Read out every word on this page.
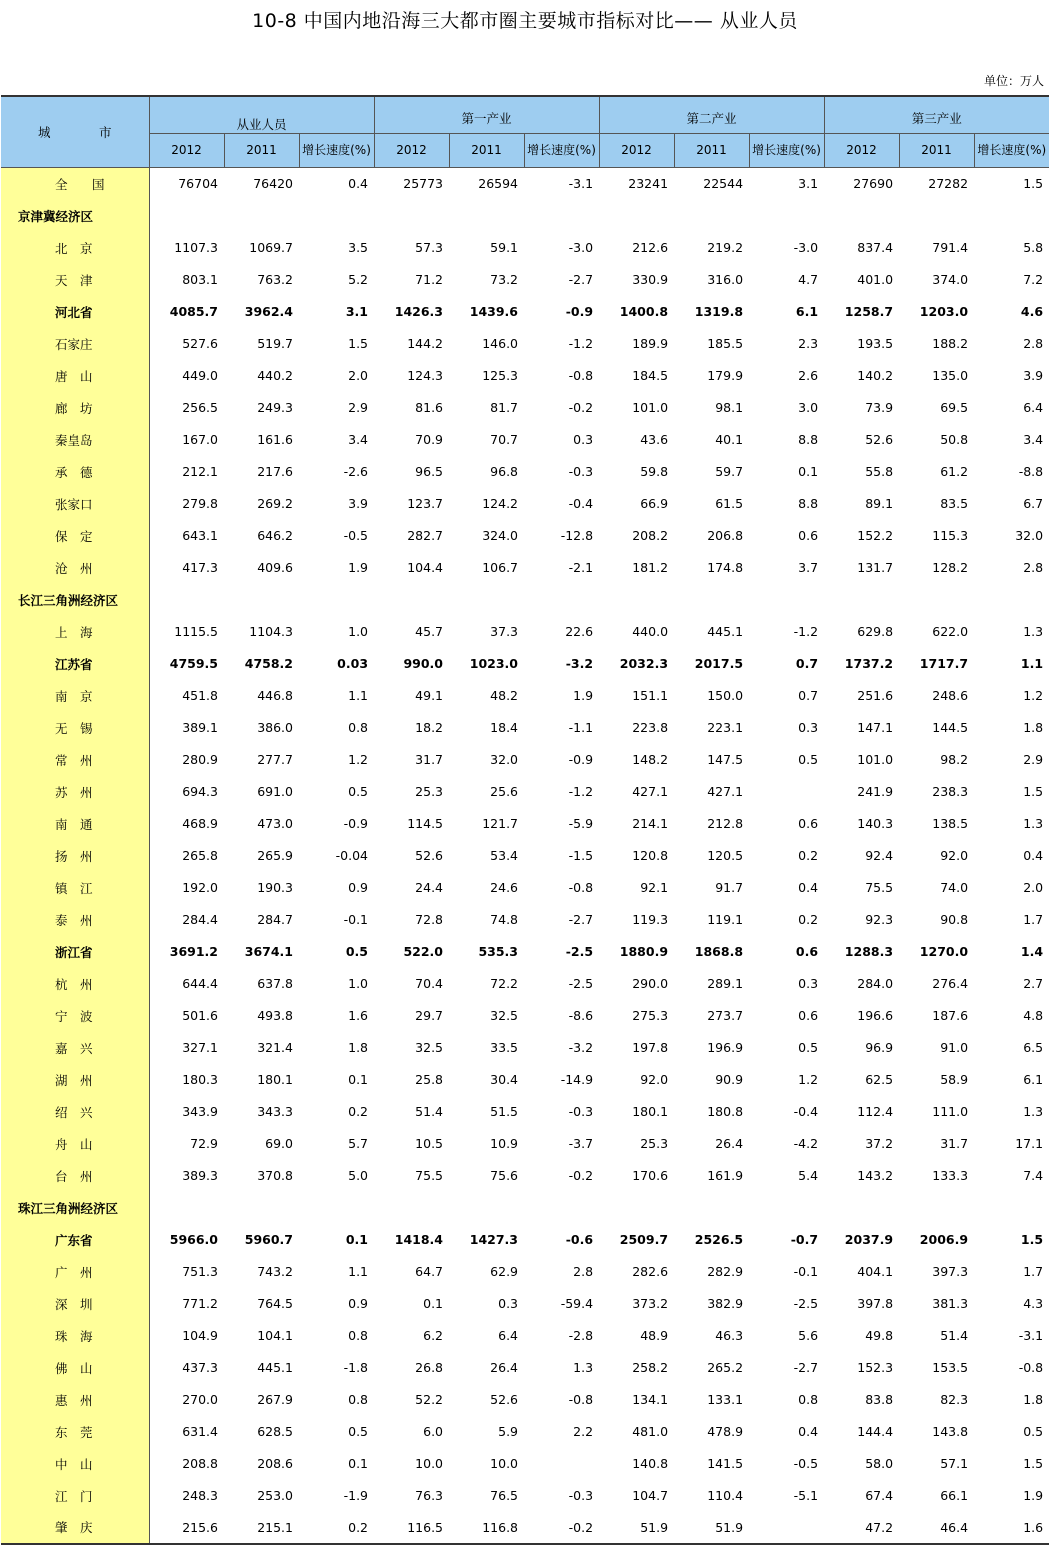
10-8 中国内地沿海三大都市圈主要城市指标对比—— 从业人员
单位：万人
城　市	从业人员			第一产业			第二产业			第三产业		
	2012	2011	增长速度(%)	2012	2011	增长速度(%)	2012	2011	增长速度(%)	2012	2011	增长速度(%)
全　国	76704	76420	0.4	25773	26594	-3.1	23241	22544	3.1	27690	27282	1.5
京津冀经济区												
北　京	1107.3	1069.7	3.5	57.3	59.1	-3.0	212.6	219.2	-3.0	837.4	791.4	5.8
天　津	803.1	763.2	5.2	71.2	73.2	-2.7	330.9	316.0	4.7	401.0	374.0	7.2
河北省	4085.7	3962.4	3.1	1426.3	1439.6	-0.9	1400.8	1319.8	6.1	1258.7	1203.0	4.6
石家庄	527.6	519.7	1.5	144.2	146.0	-1.2	189.9	185.5	2.3	193.5	188.2	2.8
唐　山	449.0	440.2	2.0	124.3	125.3	-0.8	184.5	179.9	2.6	140.2	135.0	3.9
廊　坊	256.5	249.3	2.9	81.6	81.7	-0.2	101.0	98.1	3.0	73.9	69.5	6.4
秦皇岛	167.0	161.6	3.4	70.9	70.7	0.3	43.6	40.1	8.8	52.6	50.8	3.4
承　德	212.1	217.6	-2.6	96.5	96.8	-0.3	59.8	59.7	0.1	55.8	61.2	-8.8
张家口	279.8	269.2	3.9	123.7	124.2	-0.4	66.9	61.5	8.8	89.1	83.5	6.7
保　定	643.1	646.2	-0.5	282.7	324.0	-12.8	208.2	206.8	0.6	152.2	115.3	32.0
沧　州	417.3	409.6	1.9	104.4	106.7	-2.1	181.2	174.8	3.7	131.7	128.2	2.8
长江三角洲经济区												
上　海	1115.5	1104.3	1.0	45.7	37.3	22.6	440.0	445.1	-1.2	629.8	622.0	1.3
江苏省	4759.5	4758.2	0.03	990.0	1023.0	-3.2	2032.3	2017.5	0.7	1737.2	1717.7	1.1
南　京	451.8	446.8	1.1	49.1	48.2	1.9	151.1	150.0	0.7	251.6	248.6	1.2
无　锡	389.1	386.0	0.8	18.2	18.4	-1.1	223.8	223.1	0.3	147.1	144.5	1.8
常　州	280.9	277.7	1.2	31.7	32.0	-0.9	148.2	147.5	0.5	101.0	98.2	2.9
苏　州	694.3	691.0	0.5	25.3	25.6	-1.2	427.1	427.1		241.9	238.3	1.5
南　通	468.9	473.0	-0.9	114.5	121.7	-5.9	214.1	212.8	0.6	140.3	138.5	1.3
扬　州	265.8	265.9	-0.04	52.6	53.4	-1.5	120.8	120.5	0.2	92.4	92.0	0.4
镇　江	192.0	190.3	0.9	24.4	24.6	-0.8	92.1	91.7	0.4	75.5	74.0	2.0
泰　州	284.4	284.7	-0.1	72.8	74.8	-2.7	119.3	119.1	0.2	92.3	90.8	1.7
浙江省	3691.2	3674.1	0.5	522.0	535.3	-2.5	1880.9	1868.8	0.6	1288.3	1270.0	1.4
杭　州	644.4	637.8	1.0	70.4	72.2	-2.5	290.0	289.1	0.3	284.0	276.4	2.7
宁　波	501.6	493.8	1.6	29.7	32.5	-8.6	275.3	273.7	0.6	196.6	187.6	4.8
嘉　兴	327.1	321.4	1.8	32.5	33.5	-3.2	197.8	196.9	0.5	96.9	91.0	6.5
湖　州	180.3	180.1	0.1	25.8	30.4	-14.9	92.0	90.9	1.2	62.5	58.9	6.1
绍　兴	343.9	343.3	0.2	51.4	51.5	-0.3	180.1	180.8	-0.4	112.4	111.0	1.3
舟　山	72.9	69.0	5.7	10.5	10.9	-3.7	25.3	26.4	-4.2	37.2	31.7	17.1
台　州	389.3	370.8	5.0	75.5	75.6	-0.2	170.6	161.9	5.4	143.2	133.3	7.4
珠江三角洲经济区												
广东省	5966.0	5960.7	0.1	1418.4	1427.3	-0.6	2509.7	2526.5	-0.7	2037.9	2006.9	1.5
广　州	751.3	743.2	1.1	64.7	62.9	2.8	282.6	282.9	-0.1	404.1	397.3	1.7
深　圳	771.2	764.5	0.9	0.1	0.3	-59.4	373.2	382.9	-2.5	397.8	381.3	4.3
珠　海	104.9	104.1	0.8	6.2	6.4	-2.8	48.9	46.3	5.6	49.8	51.4	-3.1
佛　山	437.3	445.1	-1.8	26.8	26.4	1.3	258.2	265.2	-2.7	152.3	153.5	-0.8
惠　州	270.0	267.9	0.8	52.2	52.6	-0.8	134.1	133.1	0.8	83.8	82.3	1.8
东　莞	631.4	628.5	0.5	6.0	5.9	2.2	481.0	478.9	0.4	144.4	143.8	0.5
中　山	208.8	208.6	0.1	10.0	10.0		140.8	141.5	-0.5	58.0	57.1	1.5
江　门	248.3	253.0	-1.9	76.3	76.5	-0.3	104.7	110.4	-5.1	67.4	66.1	1.9
肇　庆	215.6	215.1	0.2	116.5	116.8	-0.2	51.9	51.9		47.2	46.4	1.6
